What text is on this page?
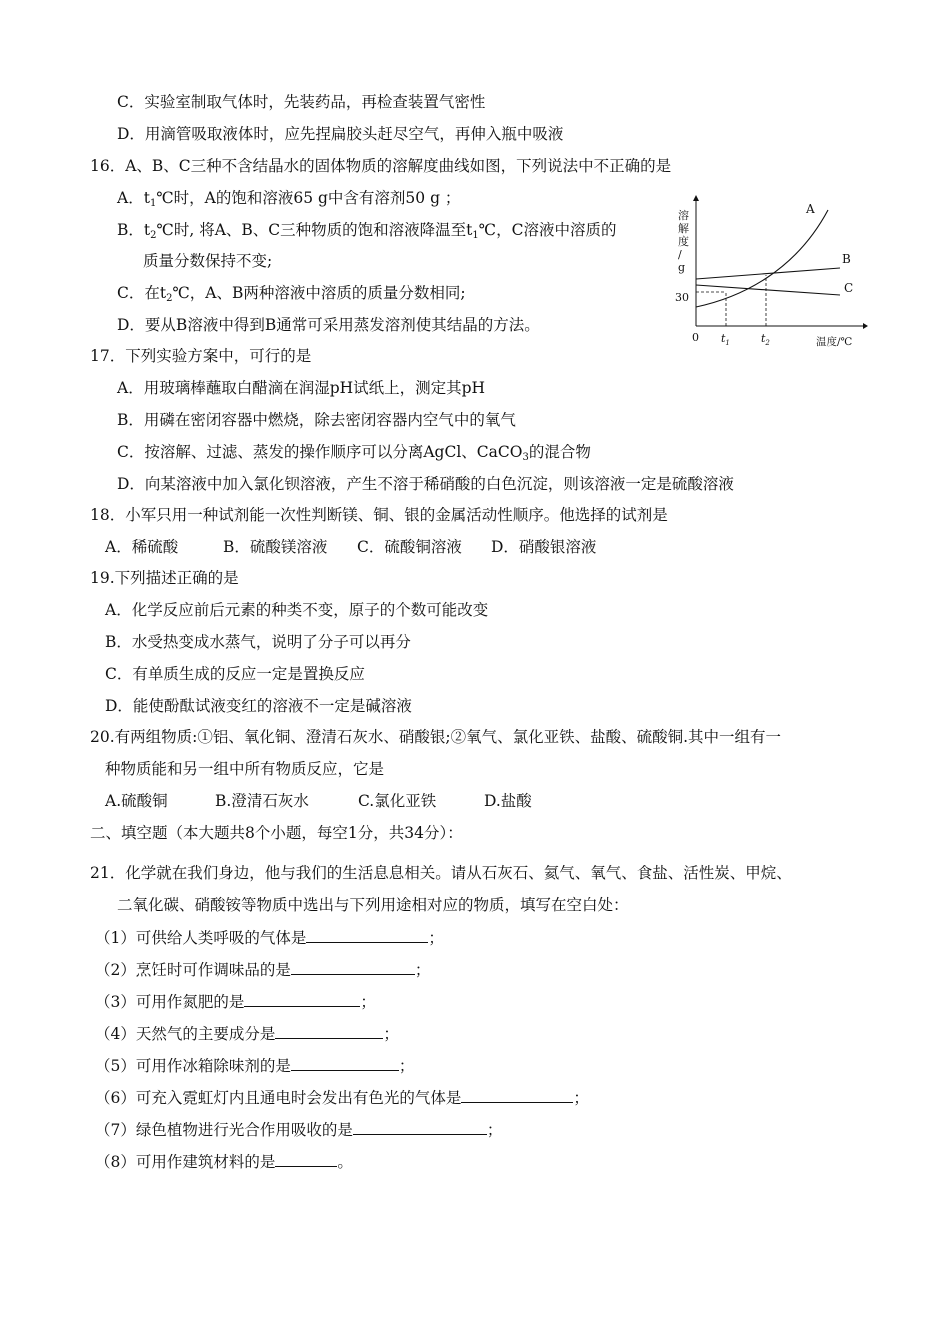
C．实验室制取气体时，先装药品，再检查装置气密性
D．用滴管吸取液体时，应先捏扁胶头赶尽空气，再伸入瓶中吸液
16．A、B、C三种不含结晶水的固体物质的溶解度曲线如图，下列说法中不正确的是
A．$t_1℃$时，A的饱和溶液65 g中含有溶剂50 g ；
B．$t_2℃$时, 将A、B、C三种物质的饱和溶液降温至$t_1℃$，C溶液中溶质的
质量分数保持不变;
C．在$t_2℃$，A、B两种溶液中溶质的质量分数相同;
D．要从B溶液中得到B通常可采用蒸发溶剂使其结晶的方法。
溶
解
度
/
g
0
30
$t_1$	$t_2$	温度/℃
A
B
C
17．下列实验方案中，可行的是
A．用玻璃棒蘸取白醋滴在润湿pH试纸上，测定其pH
B．用磷在密闭容器中燃烧，除去密闭容器内空气中的氧气
C．按溶解、过滤、蒸发的操作顺序可以分离AgCl、CaCO$_3$的混合物
D．向某溶液中加入氯化钡溶液，产生不溶于稀硝酸的白色沉淀，则该溶液一定是硫酸溶液
18．小军只用一种试剂能一次性判断镁、铜、银的金属活动性顺序。他选择的试剂是
A．稀硫酸	B．硫酸镁溶液 C．硫酸铜溶液 D．硝酸银溶液
19.下列描述正确的是
A．化学反应前后元素的种类不变，原子的个数可能改变
B．水受热变成水蒸气，说明了分子可以再分
C．有单质生成的反应一定是置换反应
D．能使酚酞试液变红的溶液不一定是碱溶液
20.有两组物质:①铝、氧化铜、澄清石灰水、硝酸银;②氧气、氯化亚铁、盐酸、硫酸铜.其中一组有一
种物质能和另一组中所有物质反应，它是
A.硫酸铜	B.澄清石灰水	C.氯化亚铁	D.盐酸
二、填空题（本大题共8个小题，每空1分，共34分）：
21．化学就在我们身边，他与我们的生活息息相关。请从石灰石、氦气、氧气、食盐、活性炭、甲烷、
二氧化碳、硝酸铵等物质中选出与下列用途相对应的物质，填写在空白处：
（1）可供给人类呼吸的气体是	；
（2）烹饪时可作调味品的是	；
（3）可用作氮肥的是	；
（4）天然气的主要成分是	；
（5）可用作冰箱除味剂的是	；
（6）可充入霓虹灯内且通电时会发出有色光的气体是	；
（7）绿色植物进行光合作用吸收的是	；
（8）可用作建筑材料的是	。
